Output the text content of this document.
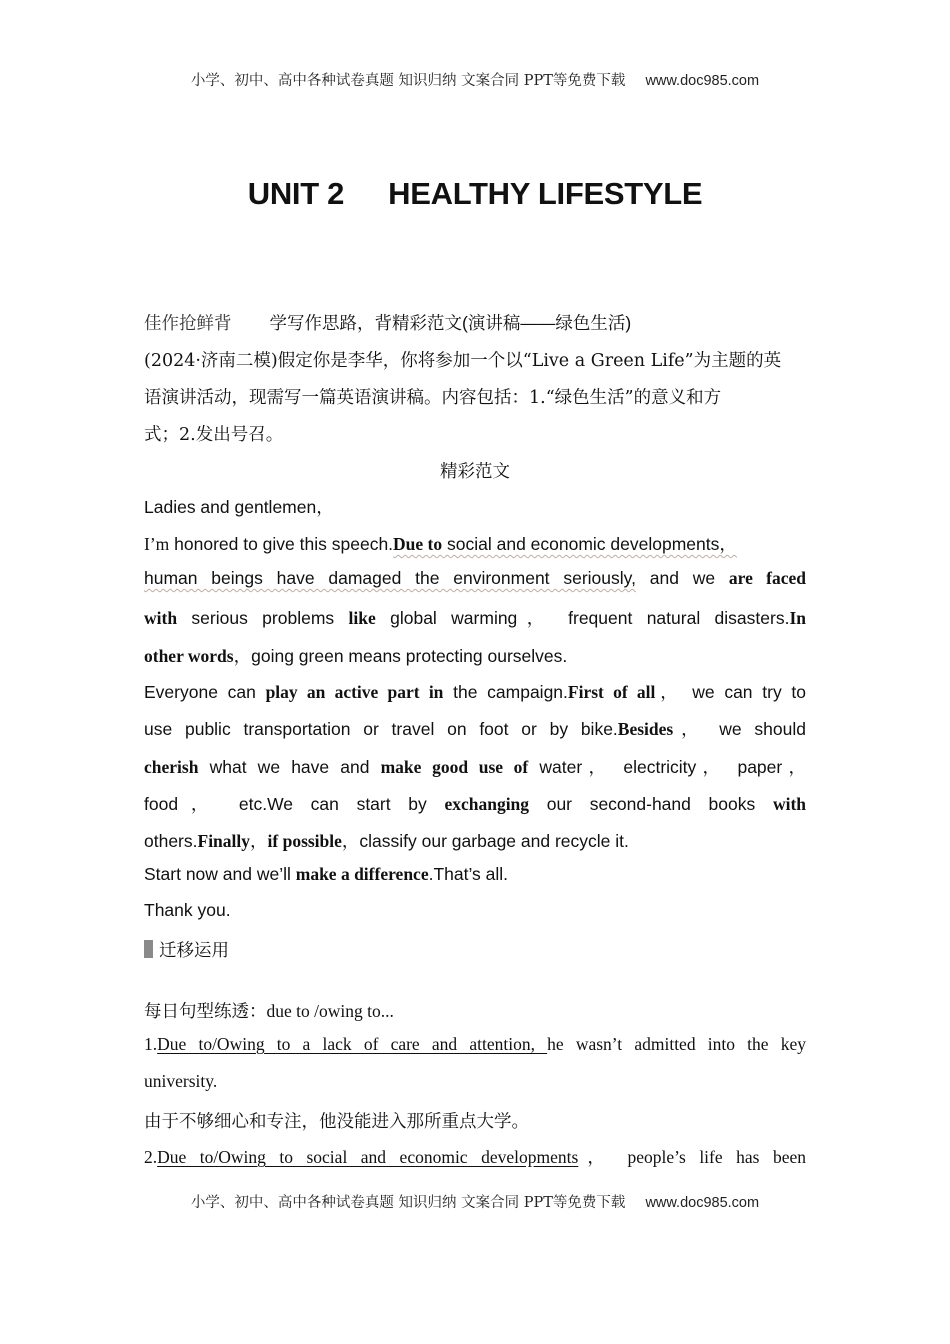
小学、初中、高中各种试卷真题 知识归纳 文案合同 PPT等免费下载 www.doc985.com
UNIT 2 HEALTHY LIFESTYLE
佳作抢鲜背 学写作思路，背精彩范文(演讲稿——绿色生活)
(2024·济南二模)假定你是李华，你将参加一个以“Live a Green Life”为主题的英
语演讲活动，现需写一篇英语演讲稿。内容包括：1.“绿色生活”的意义和方
式；2.发出号召。
精彩范文
Ladies and gentlemen，
I’m honored to give this speech.Due to social and economic developments，
human beings have damaged the environment seriously, and we are faced
with serious problems like global warming， frequent natural disasters.In
other words，going green means protecting ourselves.
Everyone can play an active part in the campaign.First of all， we can try to
use public transportation or travel on foot or by bike.Besides， we should
cherish what we have and make good use of water， electricity， paper，
food， etc.We can start by exchanging our second-hand books with
others.Finally，if possible，classify our garbage and recycle it.
Start now and we’ll make a difference.That’s all.
Thank you.
迁移运用
每日句型练透：due to /owing to...
1.Due to/Owing to a lack of care and attention, he wasn’t admitted into the key
university.
由于不够细心和专注，他没能进入那所重点大学。
2.Due to/Owing to social and economic developments， people’s life has been
小学、初中、高中各种试卷真题 知识归纳 文案合同 PPT等免费下载 www.doc985.com
